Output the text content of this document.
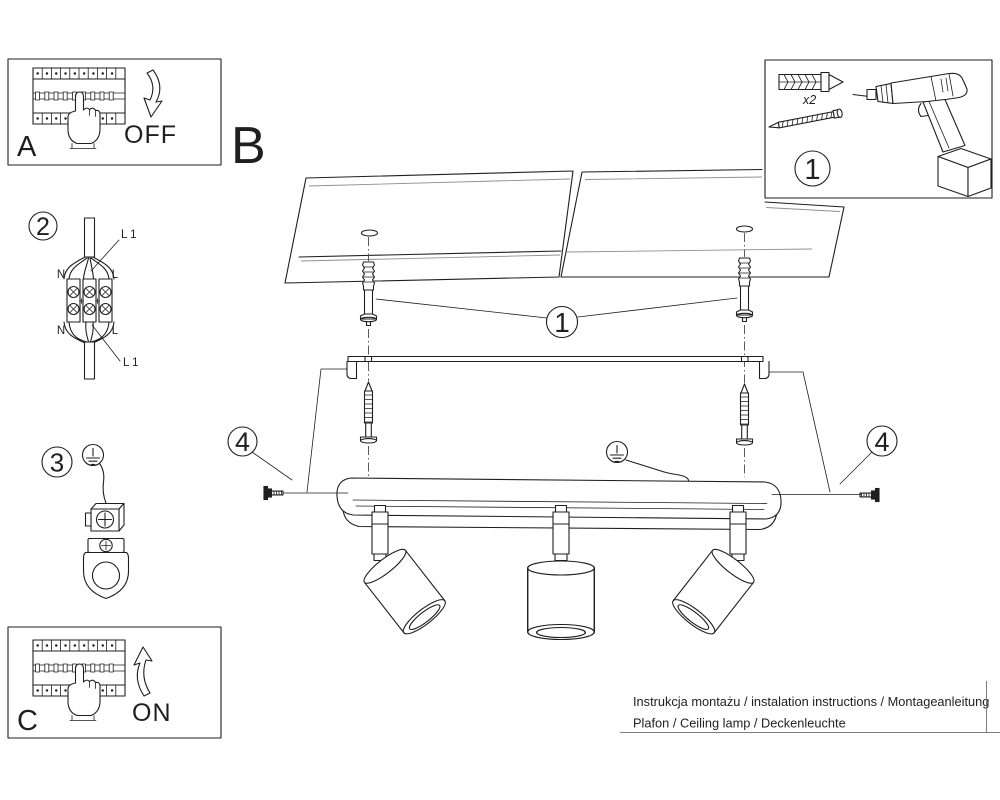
A	OFF
2	L 1
N	L
N	L
L 1
3
C	ON
B
1
4	4
x2
1
Instrukcja montażu / instalation instructions / Montageanleitung
Plafon / Ceiling lamp / Deckenleuchte
